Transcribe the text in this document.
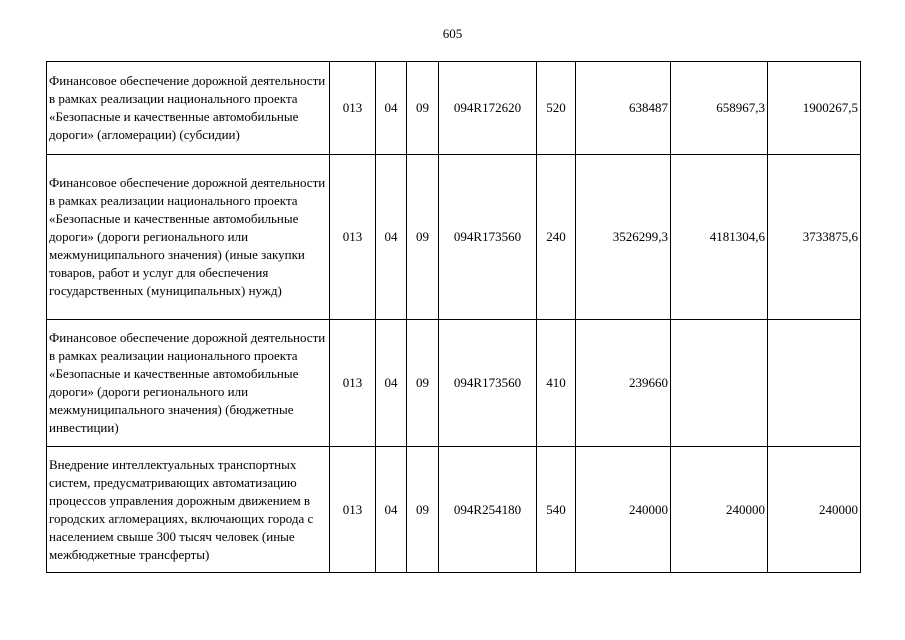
605
Финансовое обеспечение дорожной деятельности в рамках реализации национального проекта «Безопасные и качественные автомобильные дороги» (агломерации) (субсидии)	013	04	09	094R172620	520	638487	658967,3	1900267,5
Финансовое обеспечение дорожной деятельности в рамках реализации национального проекта «Безопасные и качественные автомобильные дороги» (дороги регионального или межмуниципального значения) (иные закупки товаров, работ и услуг для обеспечения государственных (муниципальных) нужд)	013	04	09	094R173560	240	3526299,3	4181304,6	3733875,6
Финансовое обеспечение дорожной деятельности в рамках реализации национального проекта «Безопасные и качественные автомобильные дороги» (дороги регионального или межмуниципального значения) (бюджетные инвестиции)	013	04	09	094R173560	410	239660		
Внедрение интеллектуальных транспортных систем, предусматривающих автоматизацию процессов управления дорожным движением в городских агломерациях, включающих города с населением свыше 300 тысяч человек (иные межбюджетные трансферты)	013	04	09	094R254180	540	240000	240000	240000
